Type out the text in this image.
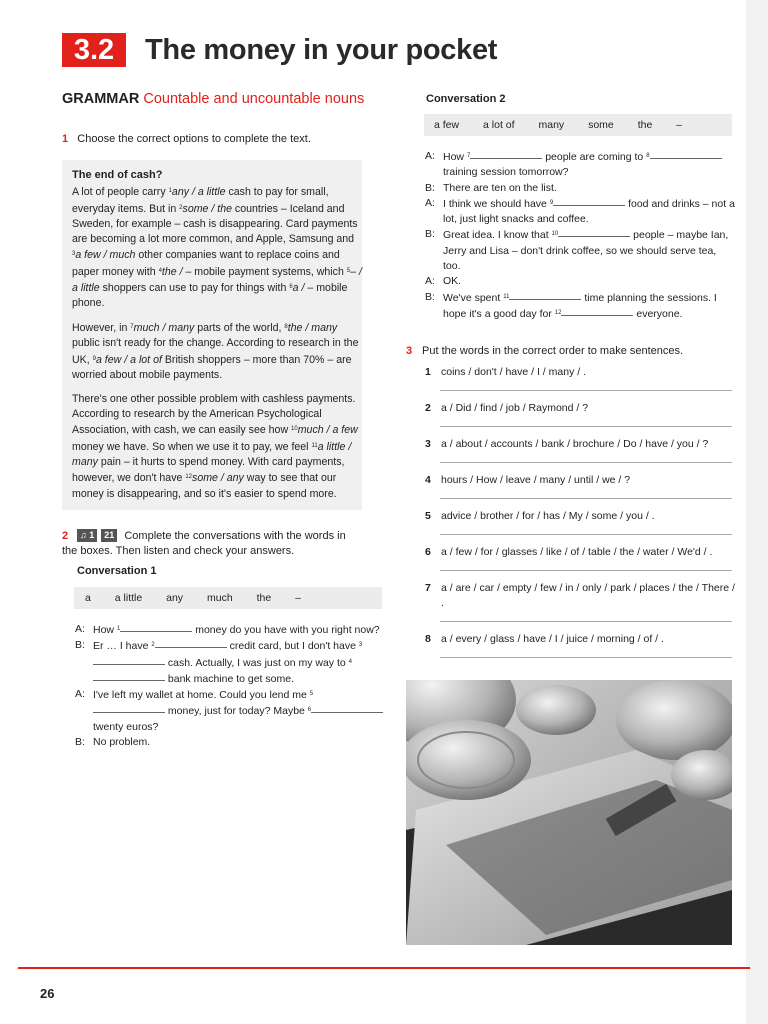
3.2	The money in your pocket
GRAMMAR Countable and uncountable nouns
1 Choose the correct options to complete the text.

The end of cash?

A lot of people carry $^1$any / a little cash to pay for small, everyday items. But in $^2$some / the countries – Iceland and Sweden, for example – cash is disappearing. Card payments are becoming a lot more common, and Apple, Samsung and $^3$a few / much other companies want to replace coins and paper money with $^4$the / – mobile payment systems, which $^5$– / a little shoppers can use to pay for things with $^6$a / – mobile phone.

However, in $^7$much / many parts of the world, $^8$the / many public isn't ready for the change. According to research in the UK, $^9$a few / a lot of British shoppers – more than 70% – are worried about mobile payments.

There's one other possible problem with cashless payments. According to research by the American Psychological Association, with cash, we can easily see how $^{10}$much / a few money we have. So when we use it to pay, we feel $^{11}$a little / many pain – it hurts to spend money. With card payments, however, we don't have $^{12}$some / any way to see that our money is disappearing, and so it's easier to spend more.

2 ♫ 1 21 Complete the conversations with the words in the boxes. Then listen and check your answers.
Conversation 1
a a little any much the –
A: How $^1$	money do you have with you right now?
B: Er … I have $^2$	credit card, but I don't have $^3$ cash. Actually, I was just on my way to $^4$ bank machine to get some.
A: I've left my wallet at home. Could you lend me $^5$ money, just for today? Maybe $^6$ twenty euros?
B: No problem.
Conversation 2
a few a lot of many some the –
A: How $^7$	people are coming to $^8$ training session tomorrow?
B: There are ten on the list.
A: I think we should have $^9$	food and drinks – not a lot, just light snacks and coffee.
B: Great idea. I know that $^{10}$	people – maybe Ian, Jerry and Lisa – don't drink coffee, so we should serve tea, too.
A: OK.
B: We've spent $^{11}$	time planning the sessions. I hope it's a good day for $^{12}$	everyone.
3 Put the words in the correct order to make sentences.
1 coins / don't / have / I / many / .
2 a / Did / find / job / Raymond / ?
3 a / about / accounts / bank / brochure / Do / have / you / ?
4 hours / How / leave / many / until / we / ?
5 advice / brother / for / has / My / some / you / .
6 a / few / for / glasses / like / of / table / the / water / We'd / .
7 a / are / car / empty / few / in / only / park / places / the / There / .
8 a / every / glass / have / I / juice / morning / of / .
26
